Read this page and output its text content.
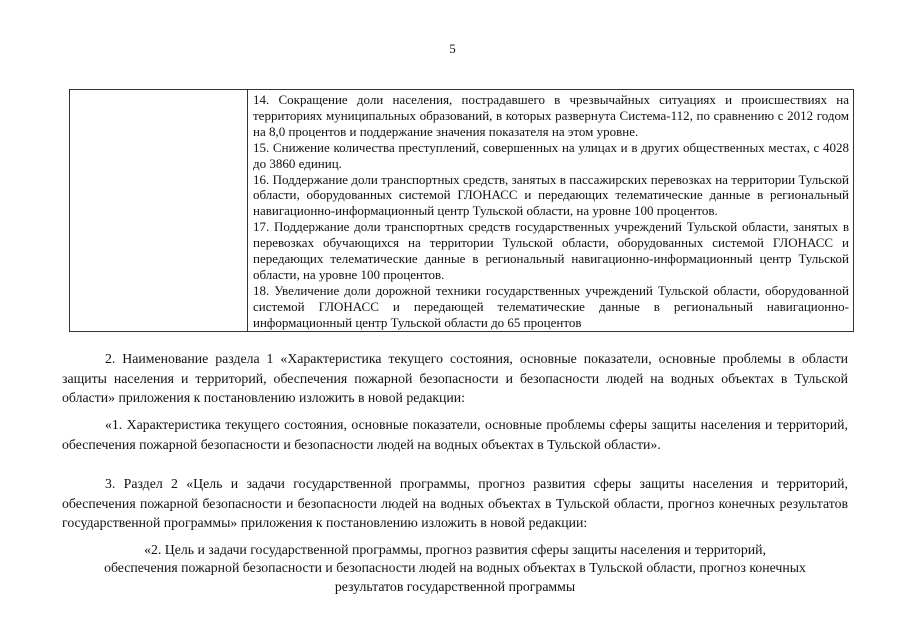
5

14. Сокращение доли населения, пострадавшего в чрезвычайных ситуациях и происшествиях на территориях муниципальных образований, в которых развернута Система-112, по сравнению с 2012 годом на 8,0 процентов и поддержание значения показателя на этом уровне.

15. Снижение количества преступлений, совершенных на улицах и в других общественных местах, с 4028 до 3860 единиц.

16. Поддержание доли транспортных средств, занятых в пассажирских перевозках на территории Тульской области, оборудованных системой ГЛОНАСС и передающих телематические данные в региональный навигационно-информационный центр Тульской области, на уровне 100 процентов.

17. Поддержание доли транспортных средств государственных учреждений Тульской области, занятых в перевозках обучающихся на территории Тульской области, оборудованных системой ГЛОНАСС и передающих телематические данные в региональный навигационно-информационный центр Тульской области, на уровне 100 процентов.

18. Увеличение доли дорожной техники государственных учреждений Тульской области, оборудованной системой ГЛОНАСС и передающей телематические данные в региональный навигационно-информационный центр Тульской области до 65 процентов

2. Наименование раздела 1 «Характеристика текущего состояния, основные показатели, основные проблемы в области защиты населения и территорий, обеспечения пожарной безопасности и безопасности людей на водных объектах в Тульской области» приложения к постановлению изложить в новой редакции:

«1. Характеристика текущего состояния, основные показатели, основные проблемы сферы защиты населения и территорий, обеспечения пожарной безопасности и безопасности людей на водных объектах в Тульской области».

3. Раздел 2 «Цель и задачи государственной программы, прогноз развития сферы защиты населения и территорий, обеспечения пожарной безопасности и безопасности людей на водных объектах в Тульской области, прогноз конечных результатов государственной программы» приложения к постановлению изложить в новой редакции:

«2. Цель и задачи государственной программы, прогноз развития сферы защиты населения и территорий,
обеспечения пожарной безопасности и безопасности людей на водных объектах в Тульской области, прогноз конечных
результатов государственной программы
